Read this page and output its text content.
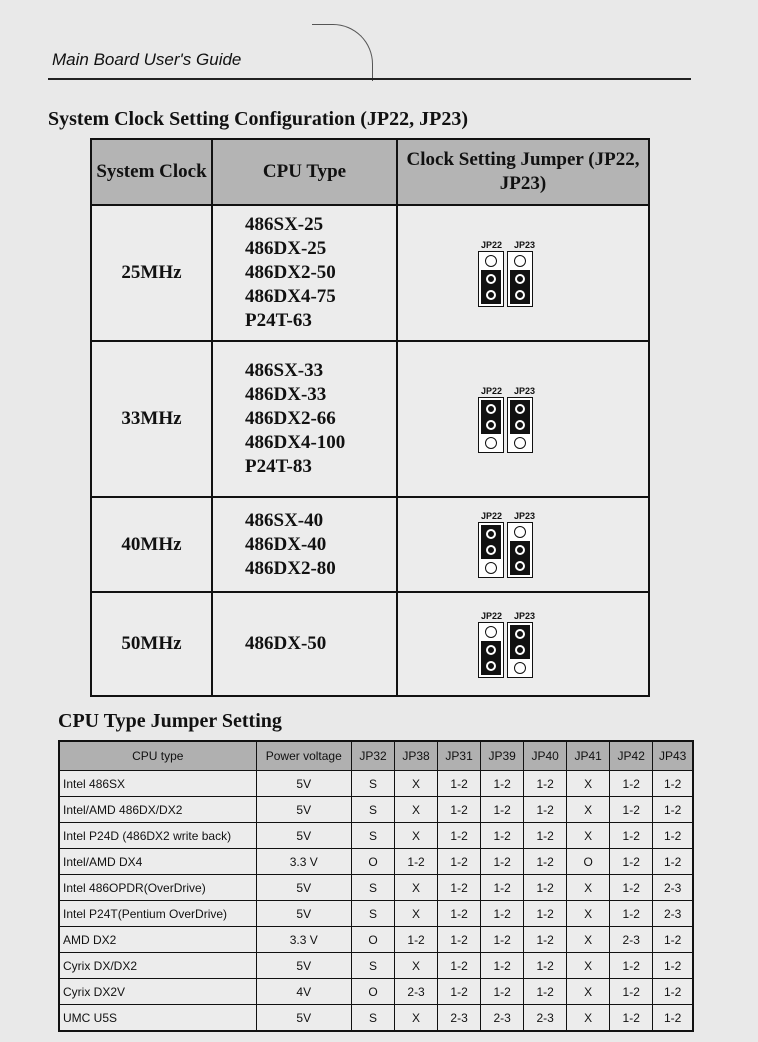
Main Board User's Guide
System Clock Setting Configuration (JP22, JP23)
System Clock	CPU Type	Clock Setting Jumper (JP22, JP23)
25MHz	486SX-25
486DX-25
486DX2-50
486DX4-75
P24T-63	JP22 JP23

33MHz	486SX-33
486DX-33
486DX2-66
486DX4-100
P24T-83	JP22 JP23

40MHz	486SX-40
486DX-40
486DX2-80	JP22 JP23

50MHz	486DX-50	JP22 JP23
CPU Type Jumper Setting
CPU type	Power voltage	JP32	JP38	JP31	JP39	JP40	JP41	JP42	JP43
Intel 486SX	5V	S	X	1-2	1-2	1-2	X	1-2	1-2
Intel/AMD 486DX/DX2	5V	S	X	1-2	1-2	1-2	X	1-2	1-2
Intel P24D (486DX2 write back)	5V	S	X	1-2	1-2	1-2	X	1-2	1-2
Intel/AMD DX4	3.3 V	O	1-2	1-2	1-2	1-2	O	1-2	1-2
Intel 486OPDR(OverDrive)	5V	S	X	1-2	1-2	1-2	X	1-2	2-3
Intel P24T(Pentium OverDrive)	5V	S	X	1-2	1-2	1-2	X	1-2	2-3
AMD DX2	3.3 V	O	1-2	1-2	1-2	1-2	X	2-3	1-2
Cyrix DX/DX2	5V	S	X	1-2	1-2	1-2	X	1-2	1-2
Cyrix DX2V	4V	O	2-3	1-2	1-2	1-2	X	1-2	1-2
UMC U5S	5V	S	X	2-3	2-3	2-3	X	1-2	1-2
